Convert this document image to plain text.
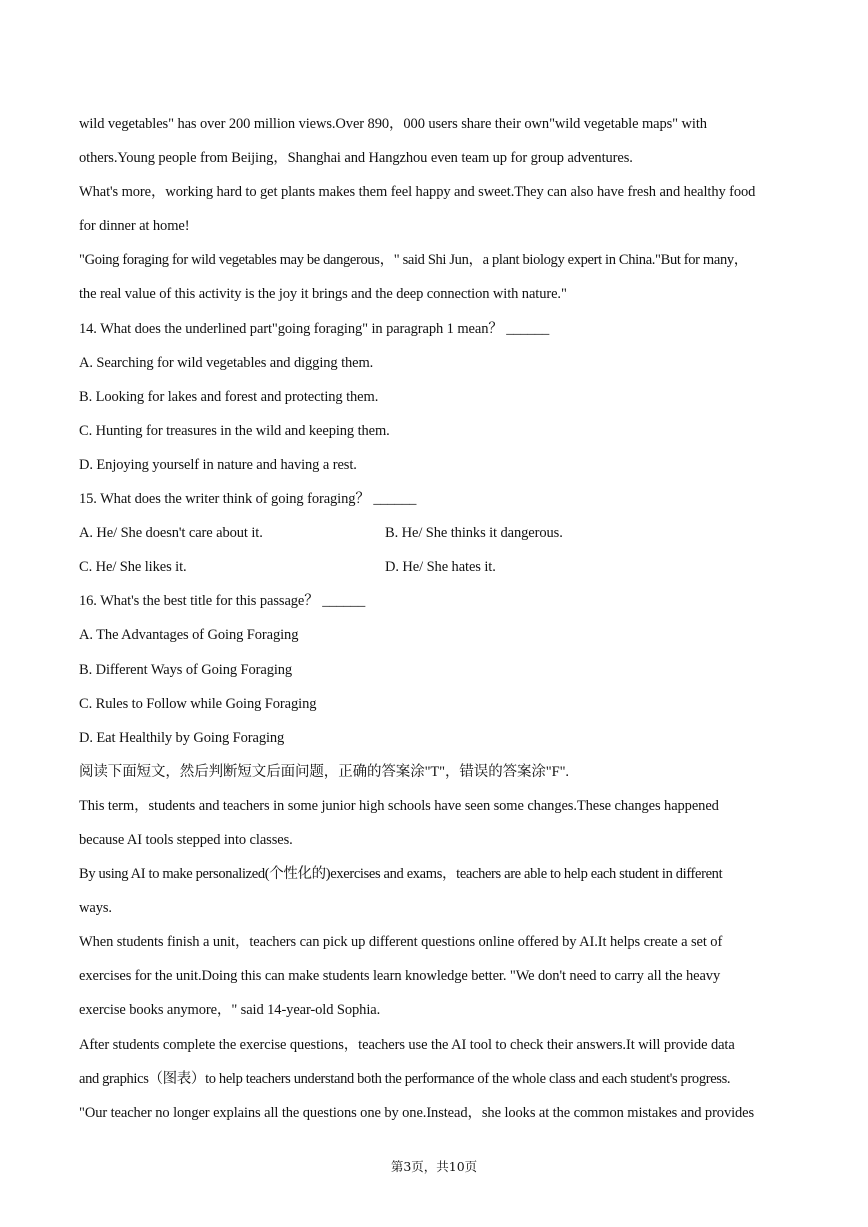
wild vegetables" has over 200 million views.Over 890，000 users share their own"wild vegetable maps" with
others.Young people from Beijing，Shanghai and Hangzhou even team up for group adventures.
What's more，working hard to get plants makes them feel happy and sweet.They can also have fresh and healthy food
for dinner at home!
"Going foraging for wild vegetables may be dangerous，" said Shi Jun，a plant biology expert in China."But for many，
the real value of this activity is the joy it brings and the deep connection with nature."
14. What does the underlined part"going foraging" in paragraph 1 mean？ ______
A. Searching for wild vegetables and digging them.
B. Looking for lakes and forest and protecting them.
C. Hunting for treasures in the wild and keeping them.
D. Enjoying yourself in nature and having a rest.
15. What does the writer think of going foraging？ ______
A. He/ She doesn't care about it.	B. He/ She thinks it dangerous.
C. He/ She likes it.	D. He/ She hates it.
16. What's the best title for this passage？ ______
A. The Advantages of Going Foraging
B. Different Ways of Going Foraging
C. Rules to Follow while Going Foraging
D. Eat Healthily by Going Foraging
阅读下面短文，然后判断短文后面问题，正确的答案涂"T"，错误的答案涂"F".
This term，students and teachers in some junior high schools have seen some changes.These changes happened
because AI tools stepped into classes.
By using AI to make personalized(个性化的)exercises and exams，teachers are able to help each student in different
ways.
When students finish a unit，teachers can pick up different questions online offered by AI.It helps create a set of
exercises for the unit.Doing this can make students learn knowledge better. "We don't need to carry all the heavy
exercise books anymore，" said 14-year-old Sophia.
After students complete the exercise questions，teachers use the AI tool to check their answers.It will provide data
and graphics（图表）to help teachers understand both the performance of the whole class and each student's progress.
"Our teacher no longer explains all the questions one by one.Instead，she looks at the common mistakes and provides
第3页，共10页
